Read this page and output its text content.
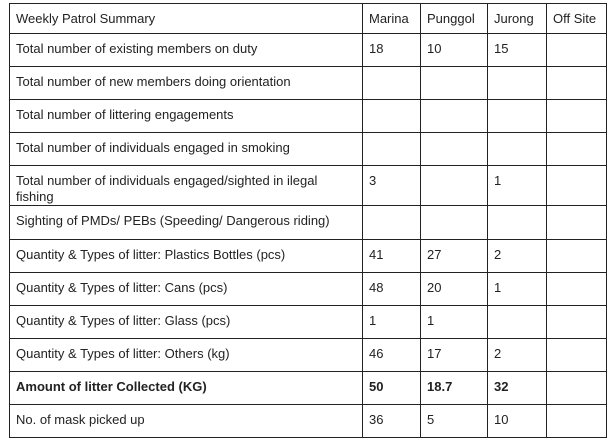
Weekly Patrol Summary	Marina	Punggol	Jurong	Off Site

Total number of existing members on duty	18	10	15	

Total number of new members doing orientation				

Total number of littering engagements				

Total number of individuals engaged in smoking				

Total number of individuals engaged/sighted in ilegal fishing	3		1	

Sighting of PMDs/ PEBs (Speeding/ Dangerous riding)				

Quantity & Types of litter: Plastics Bottles (pcs)	41	27	2	

Quantity & Types of litter: Cans (pcs)	48	20	1	

Quantity & Types of litter: Glass (pcs)	1	1		

Quantity & Types of litter: Others (kg)	46	17	2	

Amount of litter Collected (KG)	50	18.7	32	

No. of mask picked up	36	5	10	
